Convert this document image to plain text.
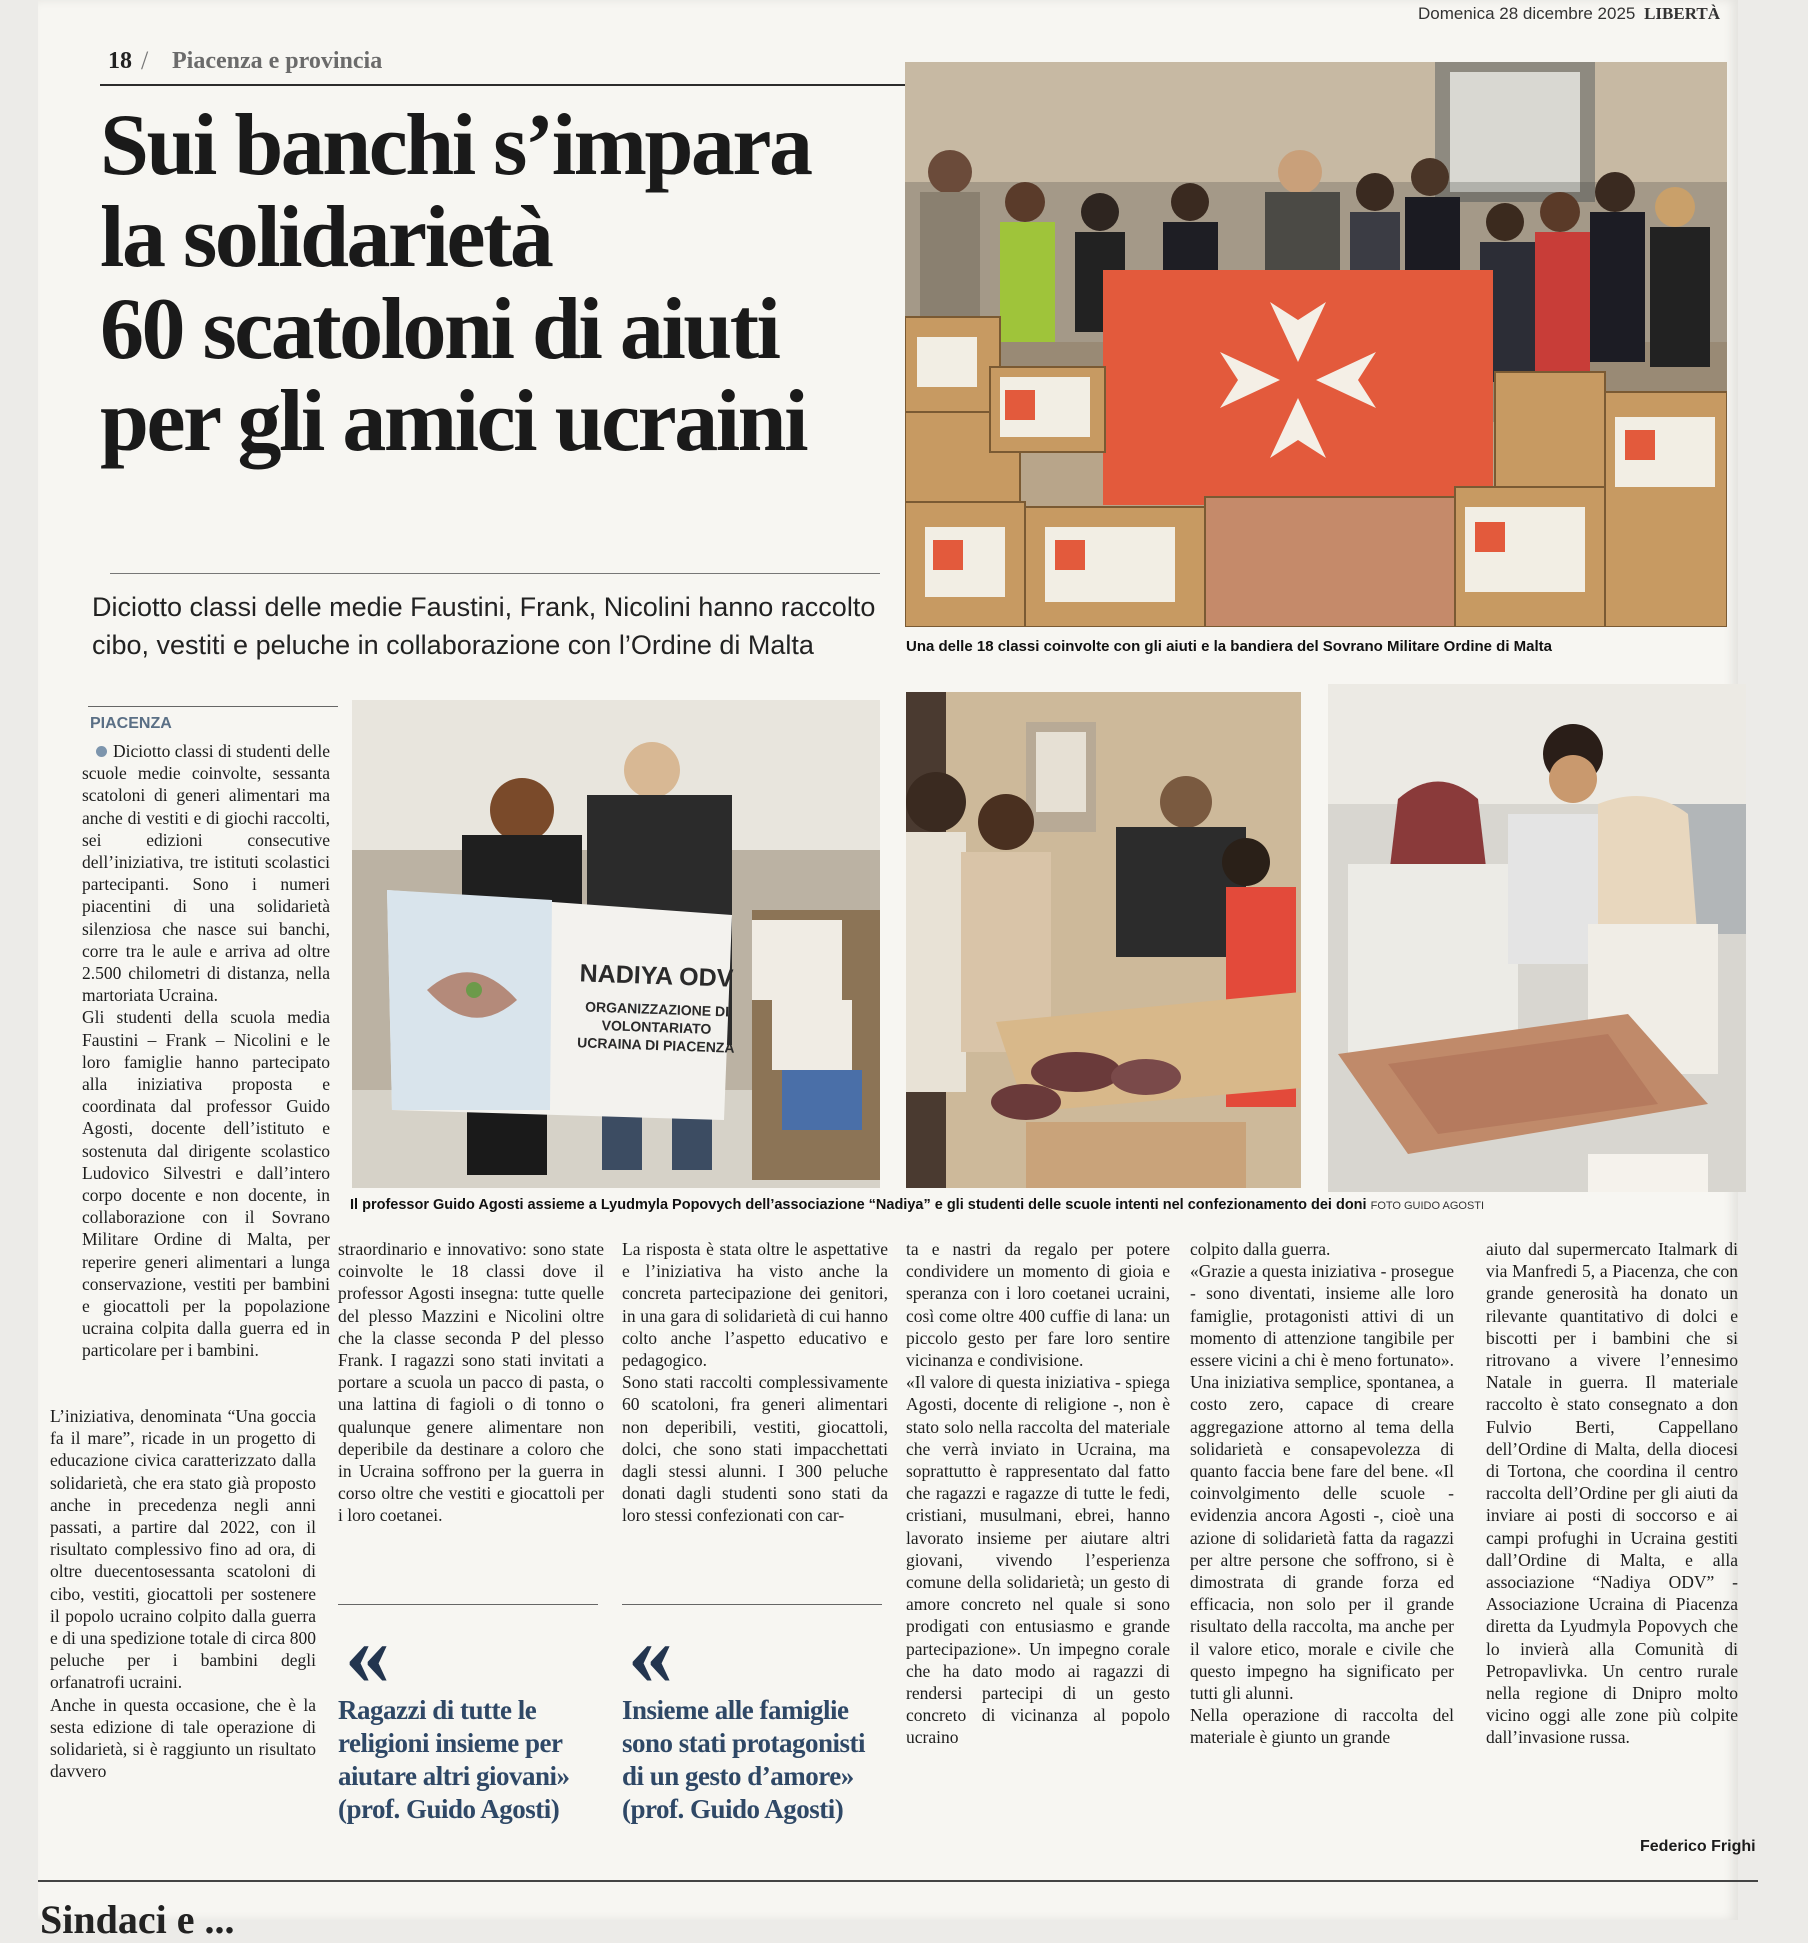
18 / Piacenza e provincia
Domenica 28 dicembre 2025 LIBERTÀ
Sui banchi s’impara
la solidarietà
60 scatoloni di aiuti
per gli amici ucraini
Diciotto classi delle medie Faustini, Frank, Nicolini hanno raccolto cibo, vestiti e peluche in collaborazione con l’Ordine di Malta	Una delle 18 classi coinvolte con gli aiuti e la bandiera del Sovrano Militare Ordine di Malta
NADIYA ODV
ORGANIZZAZIONE DI VOLONTARIATO UCRAINA DI PIACENZA
Il professor Guido Agosti assieme a Lyudmyla Popovych dell’associazione “Nadiya” e gli studenti delle scuole intenti nel confezionamento dei doni FOTO GUIDO AGOSTI
PIACENZA

Diciotto classi di studenti delle scuole medie coinvolte, sessanta scatoloni di generi alimentari ma anche di vestiti e di giochi raccolti, sei edizioni consecutive dell’iniziativa, tre istituti scolastici partecipanti. Sono i numeri piacentini di una solidarietà silenziosa che nasce sui banchi, corre tra le aule e arriva ad oltre 2.500 chilometri di distanza, nella martoriata Ucraina.

Gli studenti della scuola media Faustini – Frank – Nicolini e le loro famiglie hanno partecipato alla iniziativa proposta e coordinata dal professor Guido Agosti, docente dell’istituto e sostenuta dal dirigente scolastico Ludovico Silvestri e dall’intero corpo docente e non docente, in collaborazione con il Sovrano Militare Ordine di Malta, per reperire generi alimentari a lunga conservazione, vestiti per bambini e giocattoli per la popolazione ucraina colpita dalla guerra ed in particolare per i bambini.

L’iniziativa, denominata “Una goccia fa il mare”, ricade in un progetto di educazione civica caratterizzato dalla solidarietà, che era stato già proposto anche in precedenza negli anni passati, a partire dal 2022, con il risultato complessivo fino ad ora, di oltre duecentosessanta scatoloni di cibo, vestiti, giocattoli per sostenere il popolo ucraino colpito dalla guerra e di una spedizione totale di circa 800 peluche per i bambini degli orfanatrofi ucraini.

Anche in questa occasione, che è la sesta edizione di tale operazione di solidarietà, si è raggiunto un risultato davvero

straordinario e innovativo: sono state coinvolte le 18 classi dove il professor Agosti insegna: tutte quelle del plesso Mazzini e Nicolini oltre che la classe seconda P del plesso Frank. I ragazzi sono stati invitati a portare a scuola un pacco di pasta, o una lattina di fagioli o di tonno o qualunque genere alimentare non deperibile da destinare a coloro che in Ucraina soffrono per la guerra in corso oltre che vestiti e giocattoli per i loro coetanei.

La risposta è stata oltre le aspettative e l’iniziativa ha visto anche la concreta partecipazione dei genitori, in una gara di solidarietà di cui hanno colto anche l’aspetto educativo e pedagogico.

Sono stati raccolti complessivamente 60 scatoloni, fra generi alimentari non deperibili, vestiti, giocattoli, dolci, che sono stati impacchettati dagli stessi alunni. I 300 peluche donati dagli studenti sono stati da loro stessi confezionati con car-

«
Ragazzi di tutte le religioni insieme per aiutare altri giovani» (prof. Guido Agosti)
«
Insieme alle famiglie sono stati protagonisti di un gesto d’amore» (prof. Guido Agosti)

ta e nastri da regalo per potere condividere un momento di gioia e speranza con i loro coetanei ucraini, così come oltre 400 cuffie di lana: un piccolo gesto per fare loro sentire vicinanza e condivisione.

«Il valore di questa iniziativa - spiega Agosti, docente di religione -, non è stato solo nella raccolta del materiale che verrà inviato in Ucraina, ma soprattutto è rappresentato dal fatto che ragazzi e ragazze di tutte le fedi, cristiani, musulmani, ebrei, hanno lavorato insieme per aiutare altri giovani, vivendo l’esperienza comune della solidarietà; un gesto di amore concreto nel quale si sono prodigati con entusiasmo e grande partecipazione». Un impegno corale che ha dato modo ai ragazzi di rendersi partecipi di un gesto concreto di vicinanza al popolo ucraino

colpito dalla guerra.

«Grazie a questa iniziativa - prosegue - sono diventati, insieme alle loro famiglie, protagonisti attivi di un momento di attenzione tangibile per essere vicini a chi è meno fortunato». Una iniziativa semplice, spontanea, a costo zero, capace di creare aggregazione attorno al tema della solidarietà e consapevolezza di quanto faccia bene fare del bene. «Il coinvolgimento delle scuole - evidenzia ancora Agosti -, cioè una azione di solidarietà fatta da ragazzi per altre persone che soffrono, si è dimostrata di grande forza ed efficacia, non solo per il grande risultato della raccolta, ma anche per il valore etico, morale e civile che questo impegno ha significato per tutti gli alunni.

Nella operazione di raccolta del materiale è giunto un grande

aiuto dal supermercato Italmark di via Manfredi 5, a Piacenza, che con grande generosità ha donato un rilevante quantitativo di dolci e biscotti per i bambini che si ritrovano a vivere l’ennesimo Natale in guerra. Il materiale raccolto è stato consegnato a don Fulvio Berti, Cappellano dell’Ordine di Malta, della diocesi di Tortona, che coordina il centro raccolta dell’Ordine per gli aiuti da inviare ai posti di soccorso e ai campi profughi in Ucraina gestiti dall’Ordine di Malta, e alla associazione “Nadiya ODV” - Associazione Ucraina di Piacenza diretta da Lyudmyla Popovych che lo invierà alla Comunità di Petropavlivka. Un centro rurale nella regione di Dnipro molto vicino oggi alle zone più colpite dall’invasione russa.

Federico Frighi
Sindaci e ...
